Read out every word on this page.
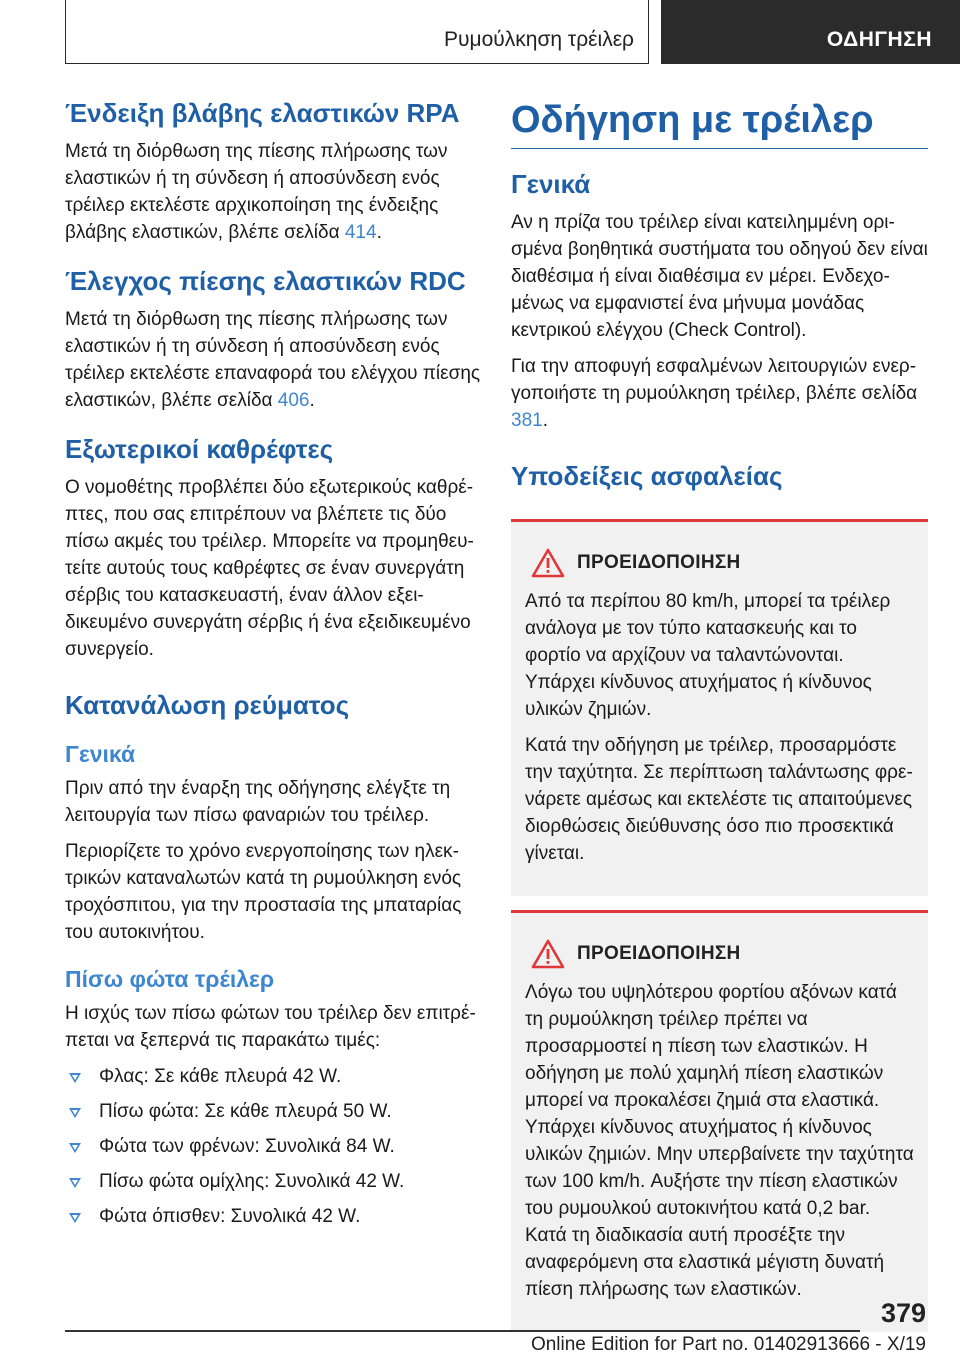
Ρυμούλκηση τρέιλερ	ΟΔΗΓΗΣΗ
Ένδειξη βλάβης ελαστικών RPA

Μετά τη διόρθωση της πίεσης πλήρωσης των ελαστικών ή τη σύνδεση ή αποσύνδεση ενός τρέιλερ εκτελέστε αρχικοποίηση της ένδειξης βλάβης ελαστικών, βλέπε σελίδα 414.

Έλεγχος πίεσης ελαστικών RDC

Μετά τη διόρθωση της πίεσης πλήρωσης των ελαστικών ή τη σύνδεση ή αποσύνδεση ενός τρέιλερ εκτελέστε επαναφορά του ελέγχου πίεσης ελαστικών, βλέπε σελίδα 406.

Εξωτερικοί καθρέφτες

Ο νομοθέτης προβλέπει δύο εξωτερικούς καθρέπτες, που σας επιτρέπουν να βλέπετε τις δύο πίσω ακμές του τρέιλερ. Μπορείτε να προμηθευτείτε αυτούς τους καθρέφτες σε έναν συνεργάτη σέρβις του κατασκευαστή, έναν άλλον εξειδικευμένο συνεργάτη σέρβις ή ένα εξειδικευμένο συνεργείο.

Κατανάλωση ρεύματος
Γενικά

Πριν από την έναρξη της οδήγησης ελέγξτε τη λειτουργία των πίσω φαναριών του τρέιλερ.

Περιορίζετε το χρόνο ενεργοποίησης των ηλεκτρικών καταναλωτών κατά τη ρυμούλκηση ενός τροχόσπιτου, για την προστασία της μπαταρίας του αυτοκινήτου.

Πίσω φώτα τρέιλερ

Η ισχύς των πίσω φώτων του τρέιλερ δεν επιτρέπεται να ξεπερνά τις παρακάτω τιμές:

Φλας: Σε κάθε πλευρά 42 W.
Πίσω φώτα: Σε κάθε πλευρά 50 W.
Φώτα των φρένων: Συνολικά 84 W.
Πίσω φώτα ομίχλης: Συνολικά 42 W.
Φώτα όπισθεν: Συνολικά 42 W.
Οδήγηση με τρέιλερ
Γενικά

Αν η πρίζα του τρέιλερ είναι κατειλημμένη ορισμένα βοηθητικά συστήματα του οδηγού δεν είναι διαθέσιμα ή είναι διαθέσιμα εν μέρει. Ενδεχομένως να εμφανιστεί ένα μήνυμα μονάδας κεντρικού ελέγχου (Check Control).

Για την αποφυγή εσφαλμένων λειτουργιών ενεργοποιήστε τη ρυμούλκηση τρέιλερ, βλέπε σελίδα 381.

Υποδείξεις ασφαλείας
ΠΡΟΕΙΔΟΠΟΙΗΣΗ

Από τα περίπου 80 km/h, μπορεί τα τρέιλερ ανάλογα με τον τύπο κατασκευής και το φορτίο να αρχίζουν να ταλαντώνονται. Υπάρχει κίνδυνος ατυχήματος ή κίνδυνος υλικών ζημιών.

Κατά την οδήγηση με τρέιλερ, προσαρμόστε την ταχύτητα. Σε περίπτωση ταλάντωσης φρενάρετε αμέσως και εκτελέστε τις απαιτούμενες διορθώσεις διεύθυνσης όσο πιο προσεκτικά γίνεται.

ΠΡΟΕΙΔΟΠΟΙΗΣΗ

Λόγω του υψηλότερου φορτίου αξόνων κατά τη ρυμούλκηση τρέιλερ πρέπει να προσαρμοστεί η πίεση των ελαστικών. Η οδήγηση με πολύ χαμηλή πίεση ελαστικών μπορεί να προκαλέσει ζημιά στα ελαστικά. Υπάρχει κίνδυνος ατυχήματος ή κίνδυνος υλικών ζημιών. Μην υπερβαίνετε την ταχύτητα των 100 km/h. Αυξήστε την πίεση ελαστικών του ρυμουλκού αυτοκινήτου κατά 0,2 bar. Κατά τη διαδικασία αυτή προσέξτε την αναφερόμενη στα ελαστικά μέγιστη δυνατή πίεση πλήρωσης των ελαστικών.

379
Online Edition for Part no. 01402913666 - X/19
